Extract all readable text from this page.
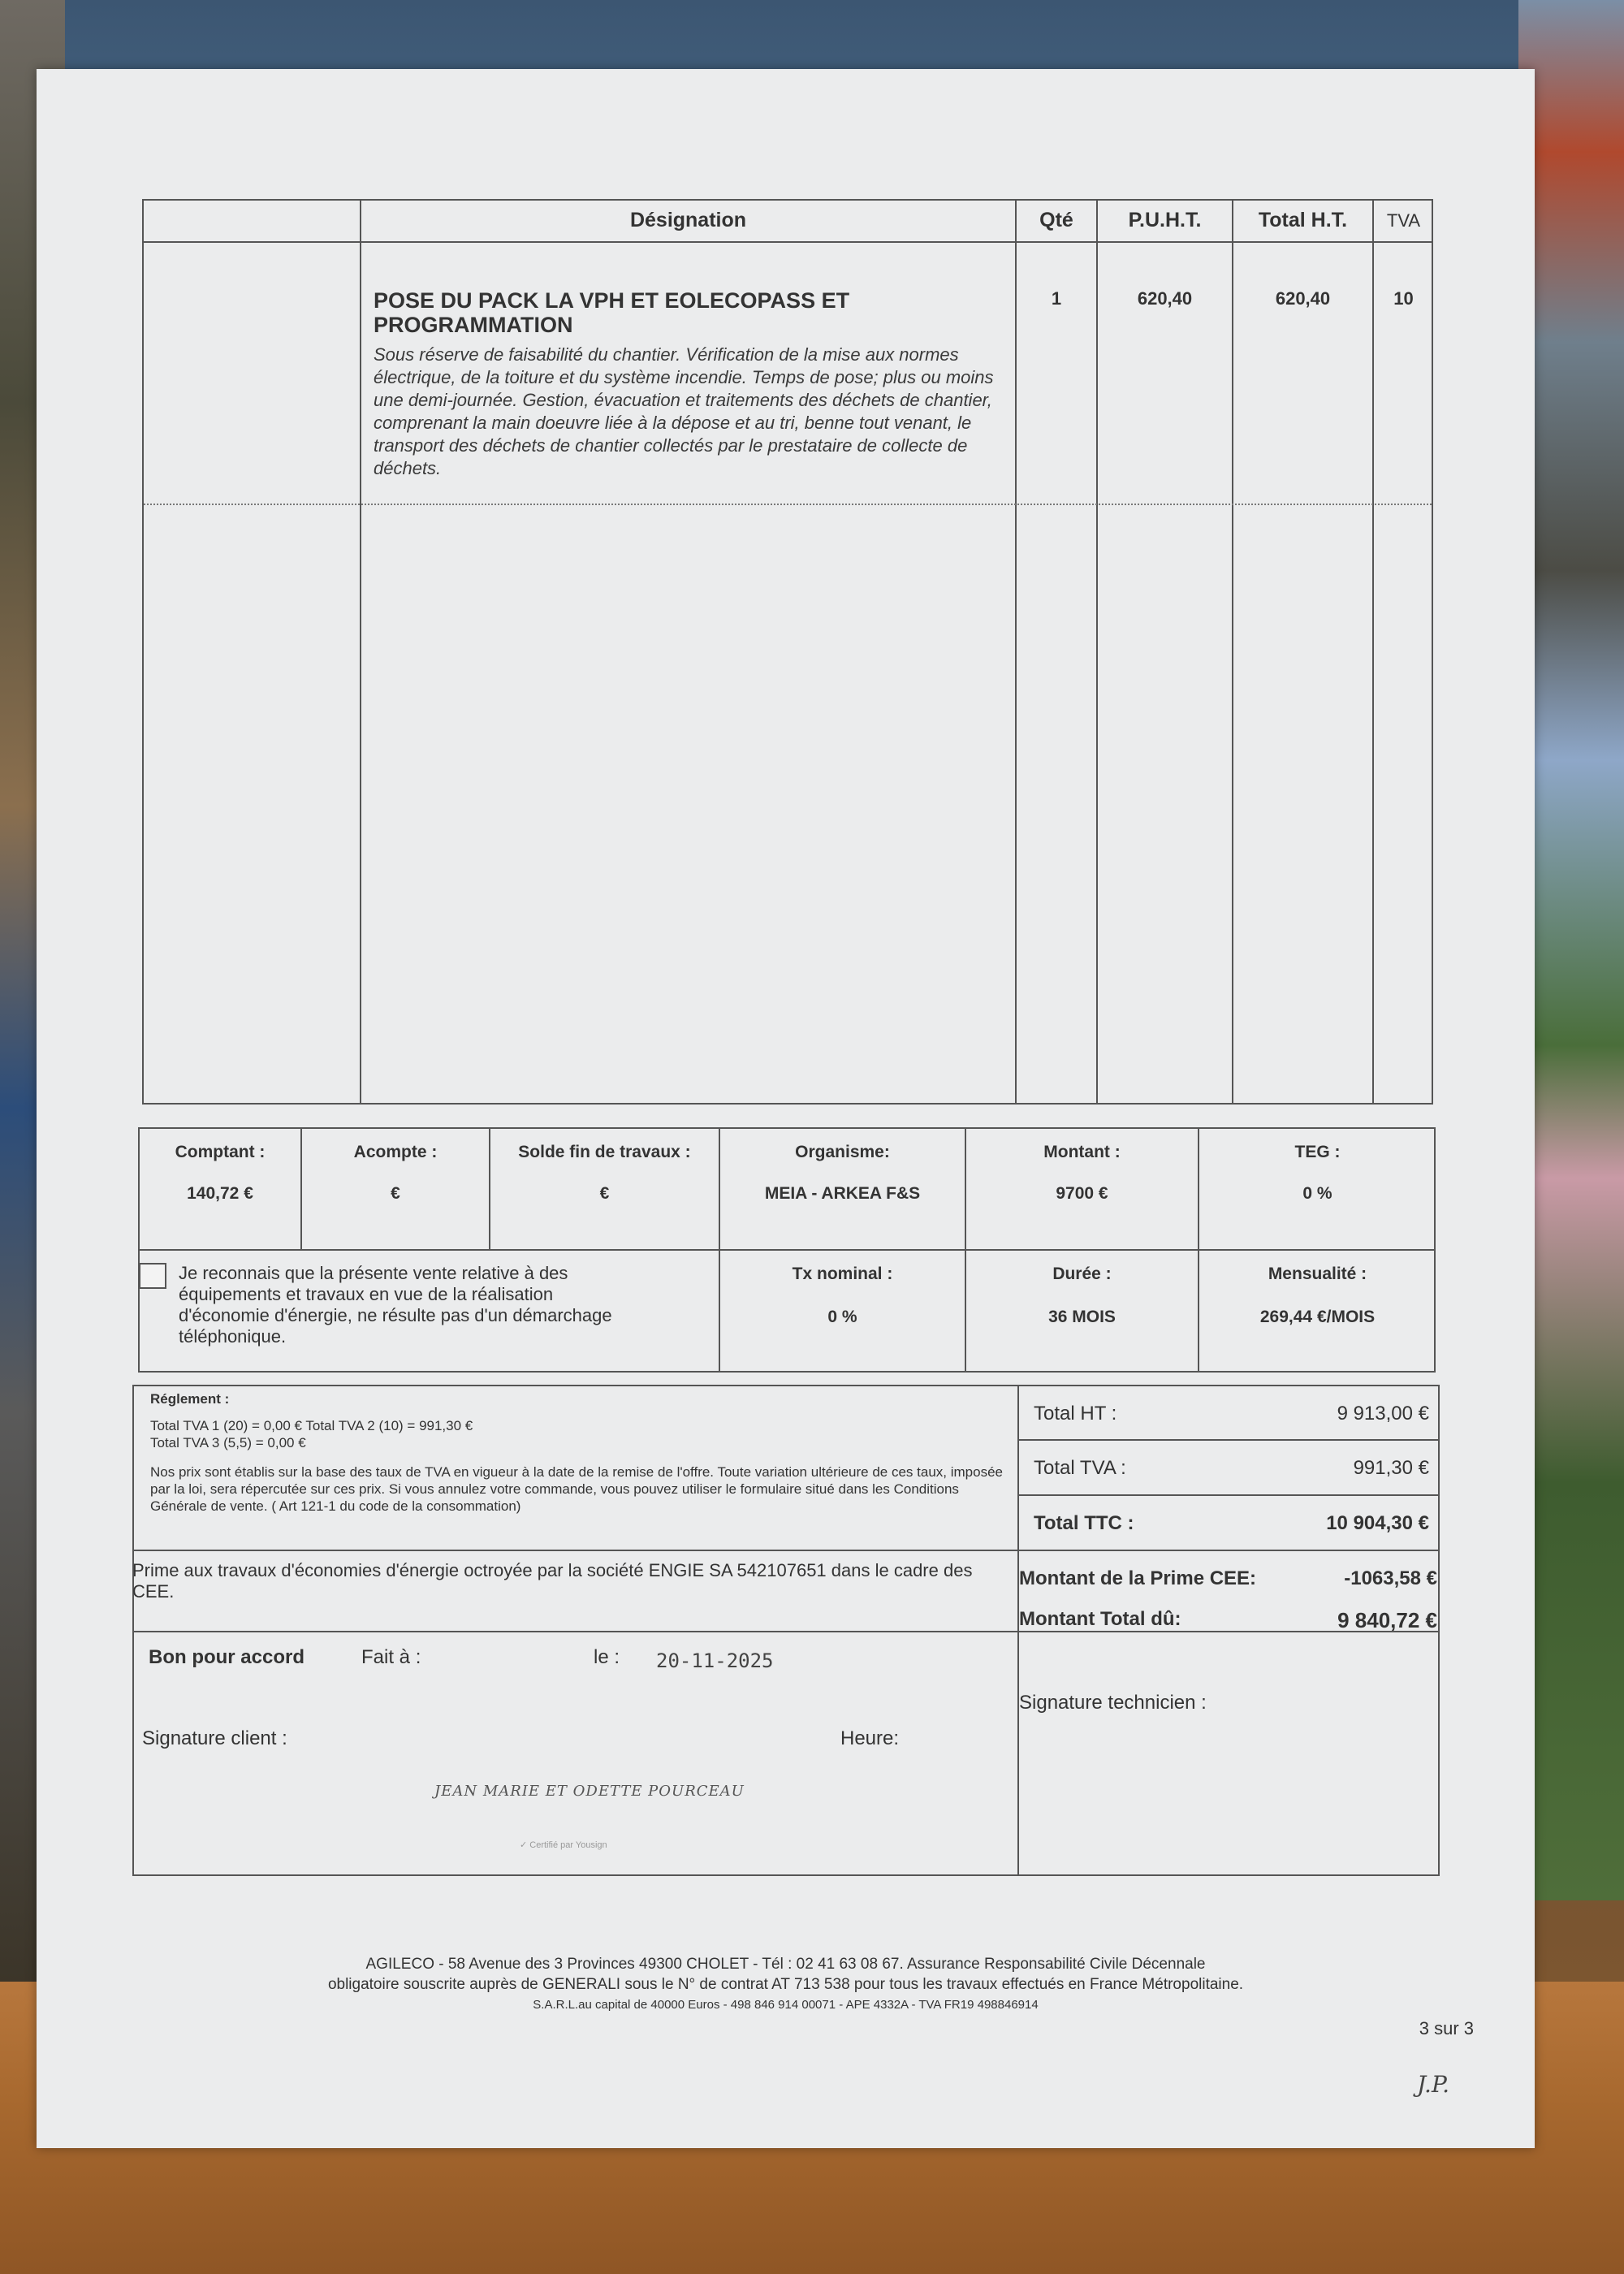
Désignation	Qté	P.U.H.T.	Total H.T.	TVA
POSE DU PACK LA VPH ET EOLECOPASS ET PROGRAMMATION
Sous réserve de faisabilité du chantier. Vérification de la mise aux normes électrique, de la toiture et du système incendie. Temps de pose; plus ou moins une demi-journée. Gestion, évacuation et traitements des déchets de chantier, comprenant la main doeuvre liée à la dépose et au tri, benne tout venant, le transport des déchets de chantier collectés par le prestataire de collecte de déchets.
1	620,40	620,40	10
Comptant :
140,72 €
Acompte :
€
Solde fin de travaux :
€
Organisme:
MEIA - ARKEA F&S
Montant :
9700 €
TEG :
0 %
Je reconnais que la présente vente relative à des équipements et travaux en vue de la réalisation d'économie d'énergie, ne résulte pas d'un démarchage téléphonique.
Tx nominal :
0 %
Durée :
36 MOIS
Mensualité :
269,44 €/MOIS
Réglement :
Total TVA 1 (20) = 0,00 € Total TVA 2 (10) = 991,30 €
Total TVA 3 (5,5) = 0,00 €
Nos prix sont établis sur la base des taux de TVA en vigueur à la date de la remise de l'offre. Toute variation ultérieure de ces taux, imposée par la loi, sera répercutée sur ces prix. Si vous annulez votre commande, vous pouvez utiliser le formulaire situé dans les Conditions Générale de vente. ( Art 121-1 du code de la consommation)
Total HT :	9 913,00 €
Total TVA :	991,30 €
Total TTC :	10 904,30 €
Prime aux travaux d'économies d'énergie octroyée par la société ENGIE SA 542107651 dans le cadre des CEE.
Montant de la Prime CEE:	-1063,58 €
Montant Total dû:	9 840,72 €
Bon pour accord	Fait à :	le : 20-11-2025
Signature client :	Heure:
JEAN MARIE ET ODETTE POURCEAU
✓ Certifié par Yousign
Signature technicien :
AGILECO - 58 Avenue des 3 Provinces 49300 CHOLET - Tél : 02 41 63 08 67. Assurance Responsabilité Civile Décennale
obligatoire souscrite auprès de GENERALI sous le N° de contrat AT 713 538 pour tous les travaux effectués en France Métropolitaine.
S.A.R.L.au capital de 40000 Euros - 498 846 914 00071 - APE 4332A - TVA FR19 498846914
3 sur 3
J.P.
